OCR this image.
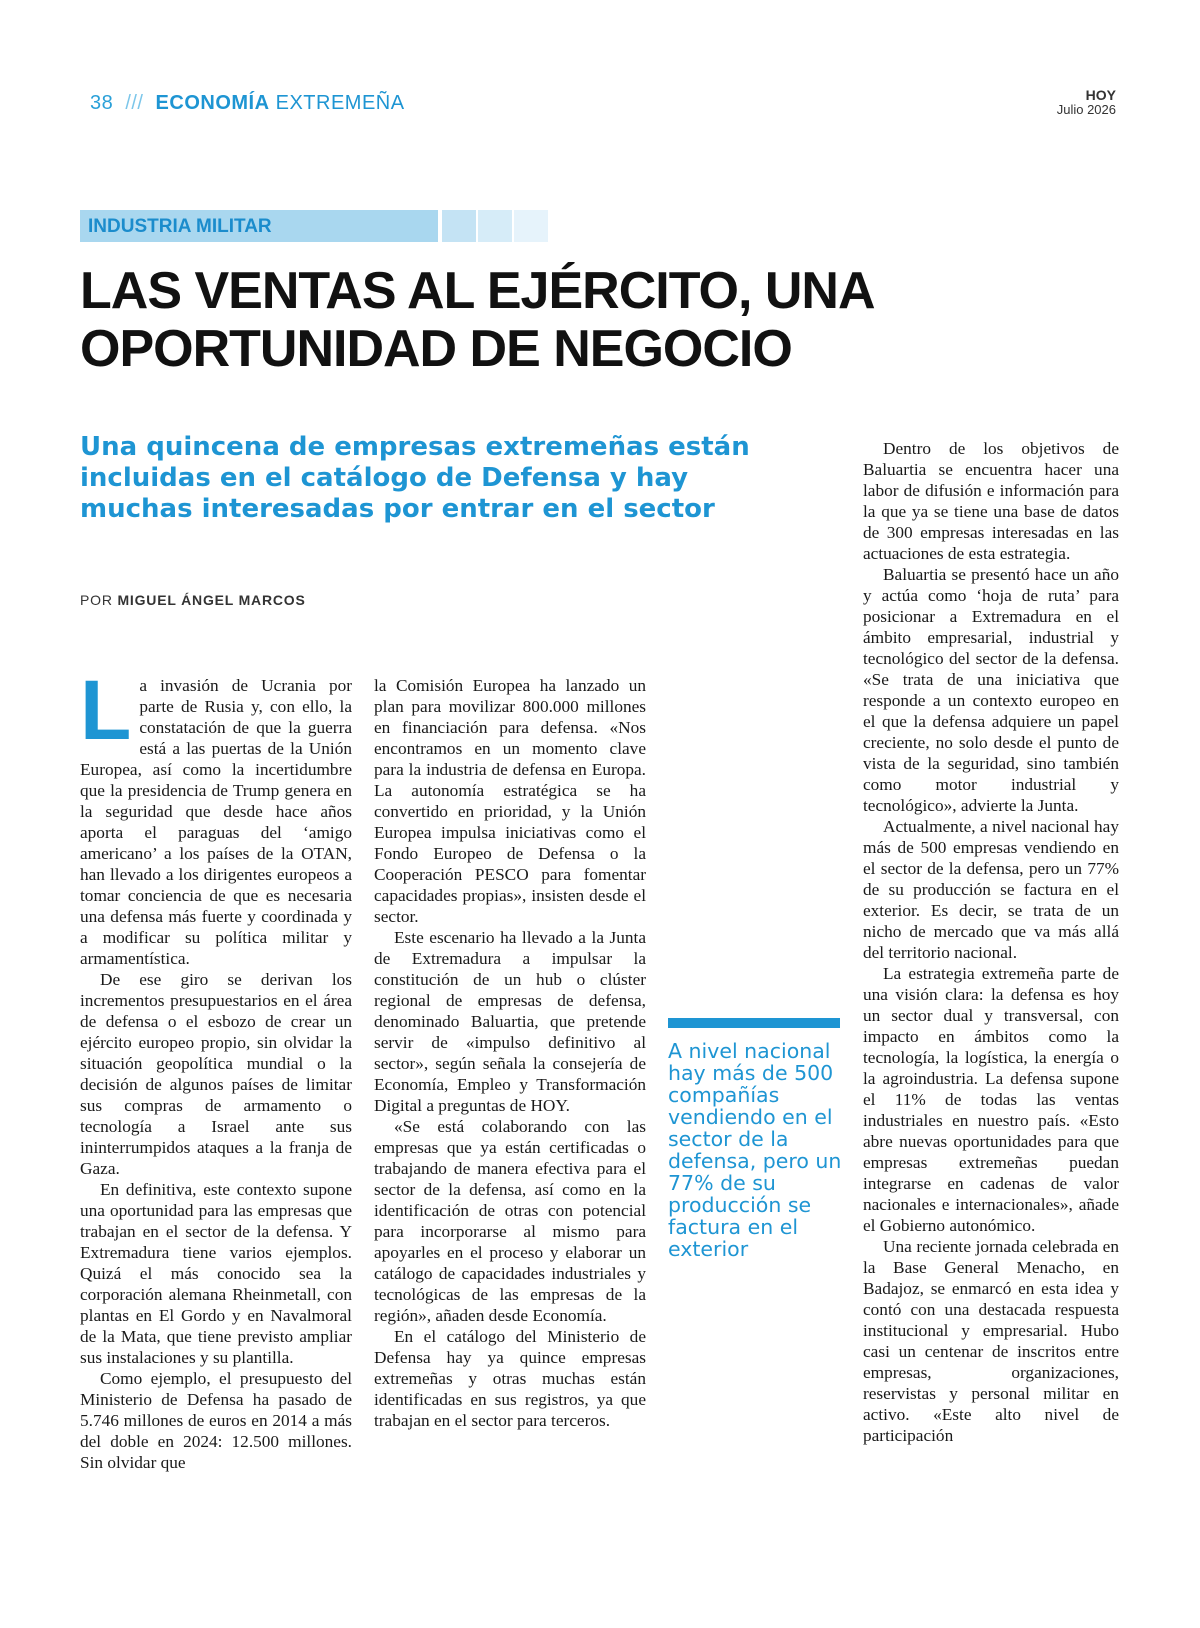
38 /// ECONOMÍA EXTREMEÑA	HOY
Julio 2026
INDUSTRIA MILITAR
LAS VENTAS AL EJÉRCITO, UNA
OPORTUNIDAD DE NEGOCIO

Una quincena de empresas extremeñas están incluidas en el catálogo de Defensa y hay muchas interesadas por entrar en el sector

POR MIGUEL ÁNGEL MARCOS

La invasión de Ucrania por parte de Rusia y, con ello, la constatación de que la guerra está a las puertas de la Unión Europea, así como la incertidumbre que la presidencia de Trump genera en la seguridad que desde hace años aporta el paraguas del ‘amigo americano’ a los países de la OTAN, han llevado a los dirigentes europeos a tomar conciencia de que es necesaria una defensa más fuerte y coordinada y a modificar su política militar y armamentística.

De ese giro se derivan los incrementos presupuestarios en el área de defensa o el esbozo de crear un ejército europeo propio, sin olvidar la situación geopolítica mundial o la decisión de algunos países de limitar sus compras de armamento o tecnología a Israel ante sus ininterrumpidos ataques a la franja de Gaza.

En definitiva, este contexto supone una oportunidad para las empresas que trabajan en el sector de la defensa. Y Extremadura tiene varios ejemplos. Quizá el más conocido sea la corporación alemana Rheinmetall, con plantas en El Gordo y en Navalmoral de la Mata, que tiene previsto ampliar sus instalaciones y su plantilla.

Como ejemplo, el presupuesto del Ministerio de Defensa ha pasado de 5.746 millones de euros en 2014 a más del doble en 2024: 12.500 millones. Sin olvidar que

la Comisión Europea ha lanzado un plan para movilizar 800.000 millones en financiación para defensa. «Nos encontramos en un momento clave para la industria de defensa en Europa. La autonomía estratégica se ha convertido en prioridad, y la Unión Europea impulsa iniciativas como el Fondo Europeo de Defensa o la Cooperación PESCO para fomentar capacidades propias», insisten desde el sector.

Este escenario ha llevado a la Junta de Extremadura a impulsar la constitución de un hub o clúster regional de empresas de defensa, denominado Baluartia, que pretende servir de «impulso definitivo al sector», según señala la consejería de Economía, Empleo y Transformación Digital a preguntas de HOY.

«Se está colaborando con las empresas que ya están certificadas o trabajando de manera efectiva para el sector de la defensa, así como en la identificación de otras con potencial para incorporarse al mismo para apoyarles en el proceso y elaborar un catálogo de capacidades industriales y tecnológicas de las empresas de la región», añaden desde Economía.

En el catálogo del Ministerio de Defensa hay ya quince empresas extremeñas y otras muchas están identificadas en sus registros, ya que trabajan en el sector para terceros.

A nivel nacional hay más de 500 compañías vendiendo en el sector de la defensa, pero un 77% de su producción se factura en el exterior

Dentro de los objetivos de Baluartia se encuentra hacer una labor de difusión e información para la que ya se tiene una base de datos de 300 empresas interesadas en las actuaciones de esta estrategia.

Baluartia se presentó hace un año y actúa como ‘hoja de ruta’ para posicionar a Extremadura en el ámbito empresarial, industrial y tecnológico del sector de la defensa. «Se trata de una iniciativa que responde a un contexto europeo en el que la defensa adquiere un papel creciente, no solo desde el punto de vista de la seguridad, sino también como motor industrial y tecnológico», advierte la Junta.

Actualmente, a nivel nacional hay más de 500 empresas vendiendo en el sector de la defensa, pero un 77% de su producción se factura en el exterior. Es decir, se trata de un nicho de mercado que va más allá del territorio nacional.

La estrategia extremeña parte de una visión clara: la defensa es hoy un sector dual y transversal, con impacto en ámbitos como la tecnología, la logística, la energía o la agroindustria. La defensa supone el 11% de todas las ventas industriales en nuestro país. «Esto abre nuevas oportunidades para que empresas extremeñas puedan integrarse en cadenas de valor nacionales e internacionales», añade el Gobierno autonómico.

Una reciente jornada celebrada en la Base General Menacho, en Badajoz, se enmarcó en esta idea y contó con una destacada respuesta institucional y empresarial. Hubo casi un centenar de inscritos entre empresas, organizaciones, reservistas y personal militar en activo. «Este alto nivel de participación
